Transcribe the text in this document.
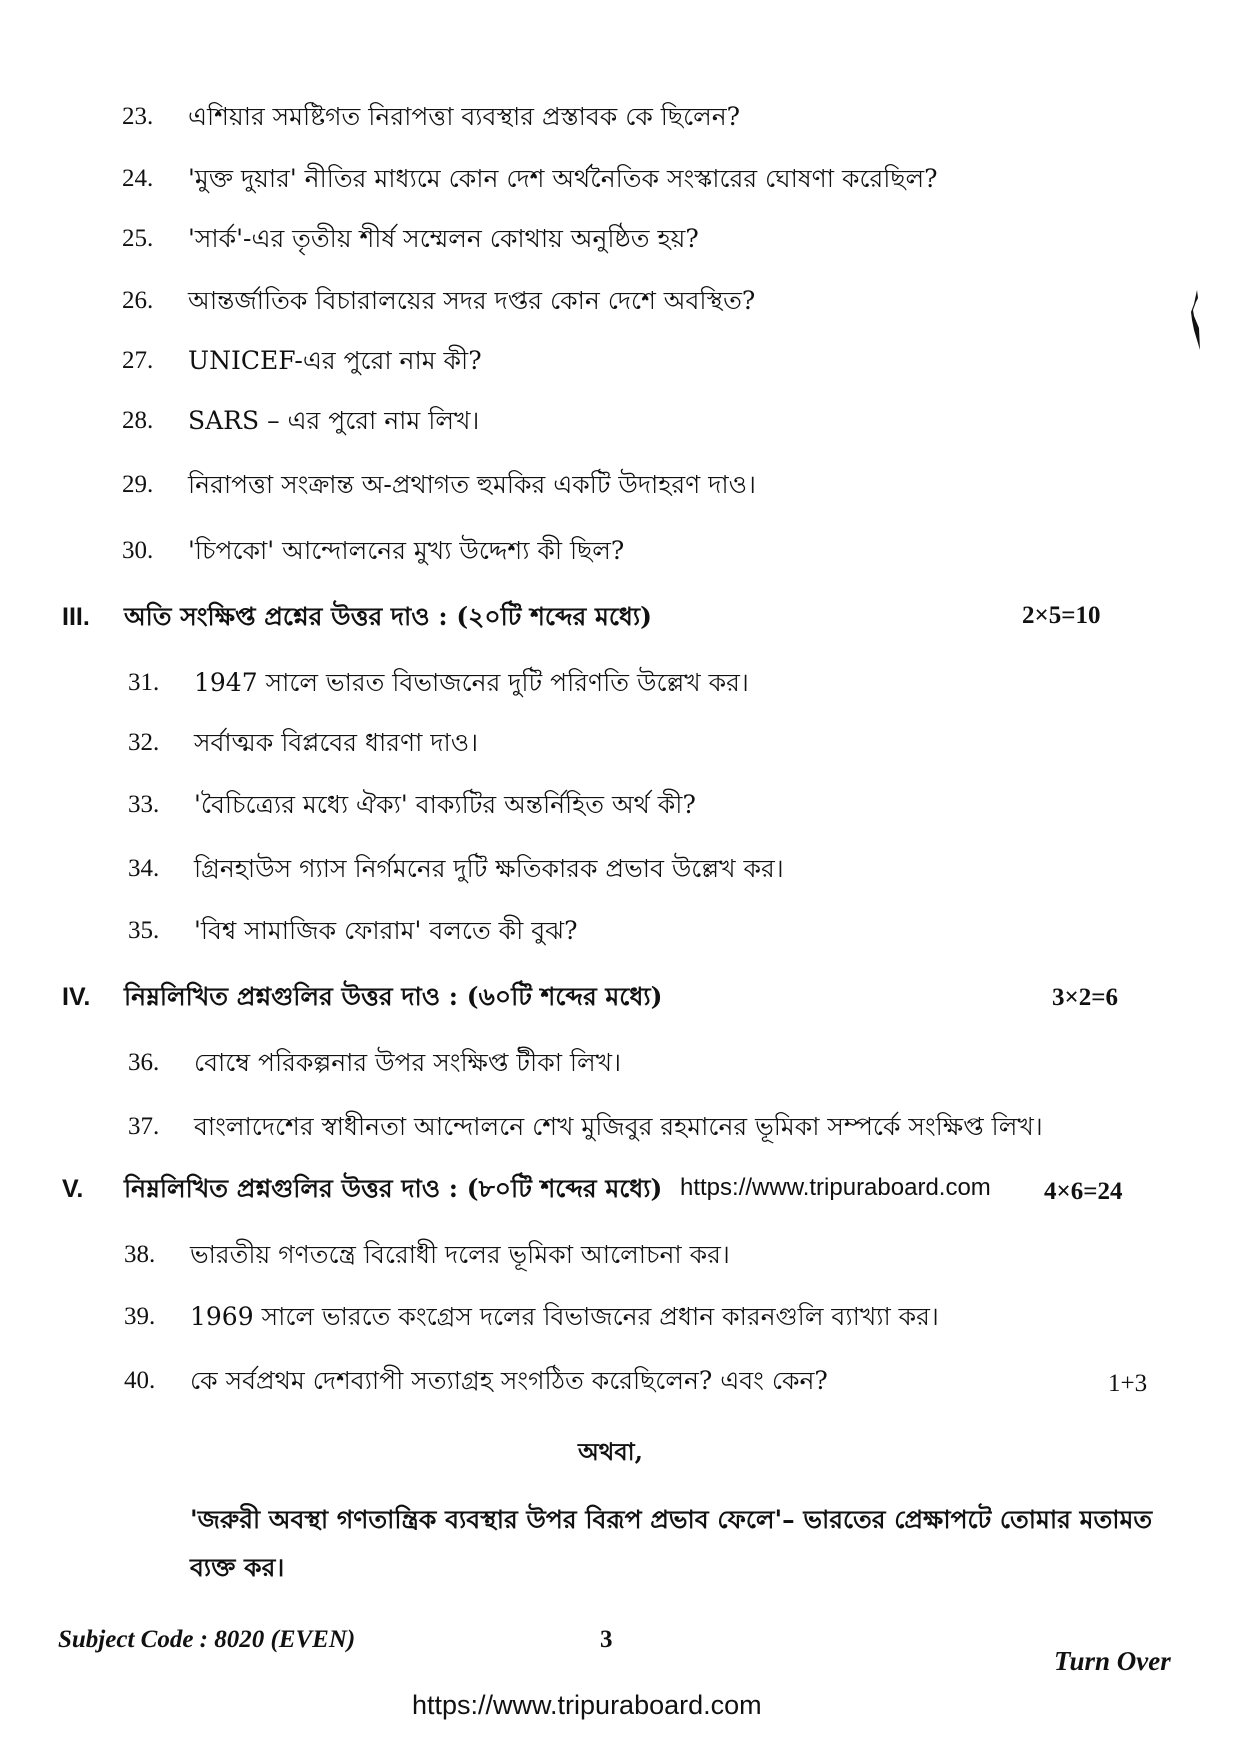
23. এশিয়ার সমষ্টিগত নিরাপত্তা ব্যবস্থার প্রস্তাবক কে ছিলেন?
24. 'মুক্ত দুয়ার' নীতির মাধ্যমে কোন দেশ অর্থনৈতিক সংস্কারের ঘোষণা করেছিল?
25. 'সার্ক'-এর তৃতীয় শীর্ষ সম্মেলন কোথায় অনুষ্ঠিত হয়?
26. আন্তর্জাতিক বিচারালয়ের সদর দপ্তর কোন দেশে অবস্থিত?
27. UNICEF-এর পুরো নাম কী?
28. SARS – এর পুরো নাম লিখ।
29. নিরাপত্তা সংক্রান্ত অ-প্রথাগত হুমকির একটি উদাহরণ দাও।
30. 'চিপকো' আন্দোলনের মুখ্য উদ্দেশ্য কী ছিল?
III. অতি সংক্ষিপ্ত প্রশ্নের উত্তর দাও : (২০টি শব্দের মধ্যে)	2×5=10
31. 1947 সালে ভারত বিভাজনের দুটি পরিণতি উল্লেখ কর।
32. সর্বাত্মক বিপ্লবের ধারণা দাও।
33. 'বৈচিত্র্যের মধ্যে ঐক্য' বাক্যটির অন্তর্নিহিত অর্থ কী?
34. গ্রিনহাউস গ্যাস নির্গমনের দুটি ক্ষতিকারক প্রভাব উল্লেখ কর।
35. 'বিশ্ব সামাজিক ফোরাম' বলতে কী বুঝ?
IV. নিম্নলিখিত প্রশ্নগুলির উত্তর দাও : (৬০টি শব্দের মধ্যে)	3×2=6
36. বোম্বে পরিকল্পনার উপর সংক্ষিপ্ত টীকা লিখ।
37. বাংলাদেশের স্বাধীনতা আন্দোলনে শেখ মুজিবুর রহমানের ভূমিকা সম্পর্কে সংক্ষিপ্ত লিখ।
V. নিম্নলিখিত প্রশ্নগুলির উত্তর দাও : (৮০টি শব্দের মধ্যে) https://www.tripuraboard.com 4×6=24
38. ভারতীয় গণতন্ত্রে বিরোধী দলের ভূমিকা আলোচনা কর।
39. 1969 সালে ভারতে কংগ্রেস দলের বিভাজনের প্রধান কারনগুলি ব্যাখ্যা কর।
40. কে সর্বপ্রথম দেশব্যাপী সত্যাগ্রহ সংগঠিত করেছিলেন? এবং কেন?	1+3
অথবা,
'জরুরী অবস্থা গণতান্ত্রিক ব্যবস্থার উপর বিরূপ প্রভাব ফেলে'– ভারতের প্রেক্ষাপটে তোমার মতামত ব্যক্ত কর।
Subject Code : 8020 (EVEN)	3
Turn Over
https://www.tripuraboard.com
